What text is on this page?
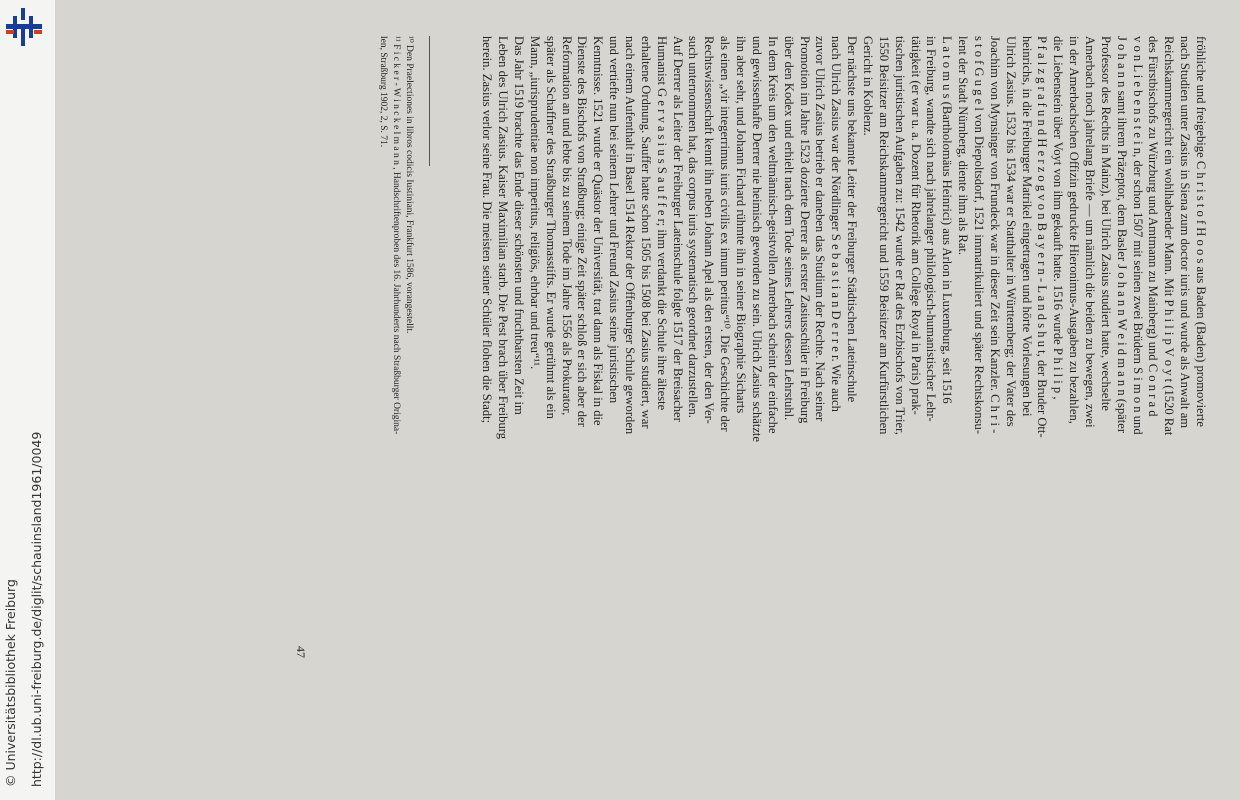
© Universitätsbibliothek Freiburg http://dl.ub.uni-freiburg.de/diglit/schauinsland1961/0049
fröhliche und freigebige C h r i s t o f H o o s aus Baden (Baden) promovierte
nach Studien unter Zasius in Siena zum doctor iuris und wurde als Anwalt am
Reichskammergericht ein wohlhabender Mann. Mit P h i l i p V o y t (1520 Rat
des Fürstbischofs zu Würzburg und Amtmann zu Mainberg) und C o n r a d
v o n L i e b e n s t e i n, der schon 1507 mit seinen zwei Brüdern S i m o n und
J o h a n n samt ihrem Präzeptor, dem Basler J o h a n n W e i d m a n n (später
Professor des Rechts in Mainz), bei Ulrich Zasius studiert hatte, wechselte
Amerbach noch jahrelang Briefe — um nämlich die beiden zu bewegen, zwei
in der Amerbachschen Offizin gedruckte Hieronimus-Ausgaben zu bezahlen,
die Liebenstein über Voyt von ihm gekauft hatte. 1516 wurde P h i l i p ,
P f a l z g r a f u n d H e r z o g v o n B a y e r n - L a n d s h u t, der Bruder Ott-
heinrichs, in die Freiburger Matrikel eingetragen und hörte Vorlesungen bei
Ulrich Zasius. 1532 bis 1534 war er Statthalter in Württemberg; der Vater des
Joachim von Mynsinger von Frundeck war in dieser Zeit sein Kanzler. C h r i -
s t o f G u g e l von Diepoltsdorf, 1521 immatrikuliert und später Rechtskonsu-
lent der Stadt Nürnberg, diente ihm als Rat.
L a t o m u s (Bartholomäus Heinrici) aus Arlon in Luxemburg, seit 1516
in Freiburg, wandte sich nach jahrelanger philologisch-humanistischer Lehr-
tätigkeit (er war u. a. Dozent für Rhetorik am Collège Royal in Paris) prak-
tischen juristischen Aufgaben zu: 1542 wurde er Rat des Erzbischofs von Trier,
1550 Beisitzer am Reichskammergericht und 1559 Beisitzer am Kurfürstlichen
Gericht in Koblenz.
Der nächste uns bekannte Leiter der Freiburger Städtischen Lateinschule
nach Ulrich Zasius war der Nördlinger S e b a s t i a n D e r r e r. Wie auch
zuvor Ulrich Zasius betrieb er daneben das Studium der Rechte. Nach seiner
Promotion im Jahre 1523 dozierte Derrer als erster Zasiusschüler in Freiburg
über den Kodex und erhielt nach dem Tode seines Lehrers dessen Lehrstuhl.
In dem Kreis um den weltmännisch-geistvollen Amerbach scheint der einfache
und gewissenhafte Derrer nie heimisch geworden zu sein. Ulrich Zasius schätzte
ihn aber sehr, und Johann Fichard rühmte ihn in seiner Biographie Sicharts
als einen „vir integerrimus iuris civilis ex imum peritus“¹⁰. Die Geschichte der
Rechtswissenschaft kennt ihn neben Johann Apel als den ersten, der den Ver-
such unternommen hat, das corpus iuris systematisch geordnet darzustellen.
Auf Derrer als Leiter der Freiburger Lateinschule folgte 1517 der Breisacher
Humanist G e r v a s i u s S a u f f e r; ihm verdankt die Schule ihre älteste
erhaltene Ordnung. Sauffer hatte schon 1505 bis 1508 bei Zasius studiert, war
nach einem Aufenthalt in Basel 1514 Rektor der Offenburger Schule geworden
und vertiefte nun bei seinem Lehrer und Freund Zasius seine juristischen
Kenntnisse. 1521 wurde er Quästor der Universität, trat dann als Fiskal in die
Dienste des Bischofs von Straßburg; einige Zeit später schloß er sich aber der
Reformation an und lebte bis zu seinem Tode im Jahre 1556 als Prokurator,
später als Schaffner des Straßburger Thomasstifts. Er wurde gerühmt als ein
Mann, „iurisprudentiae non imperitus, religiös, ehrbar und treu“¹¹.
Das Jahr 1519 brachte das Ende dieser schönsten und fruchtbarsten Zeit im
Leben des Ulrich Zasius. Kaiser Maximilian starb. Die Pest brach über Freiburg
herein. Zasius verlor seine Frau. Die meisten seiner Schüler flohen die Stadt;
¹⁰ Den Praelectiones in libros codicis Iustiniani, Frankfurt 1586, vorangestellt.
¹¹ F i c k e r - W i n c k e l m a n n , Handschriftenproben des 16. Jahrhunderts nach Straßburger Origina-
len, Straßburg 1902, 2, S. 71.
47
